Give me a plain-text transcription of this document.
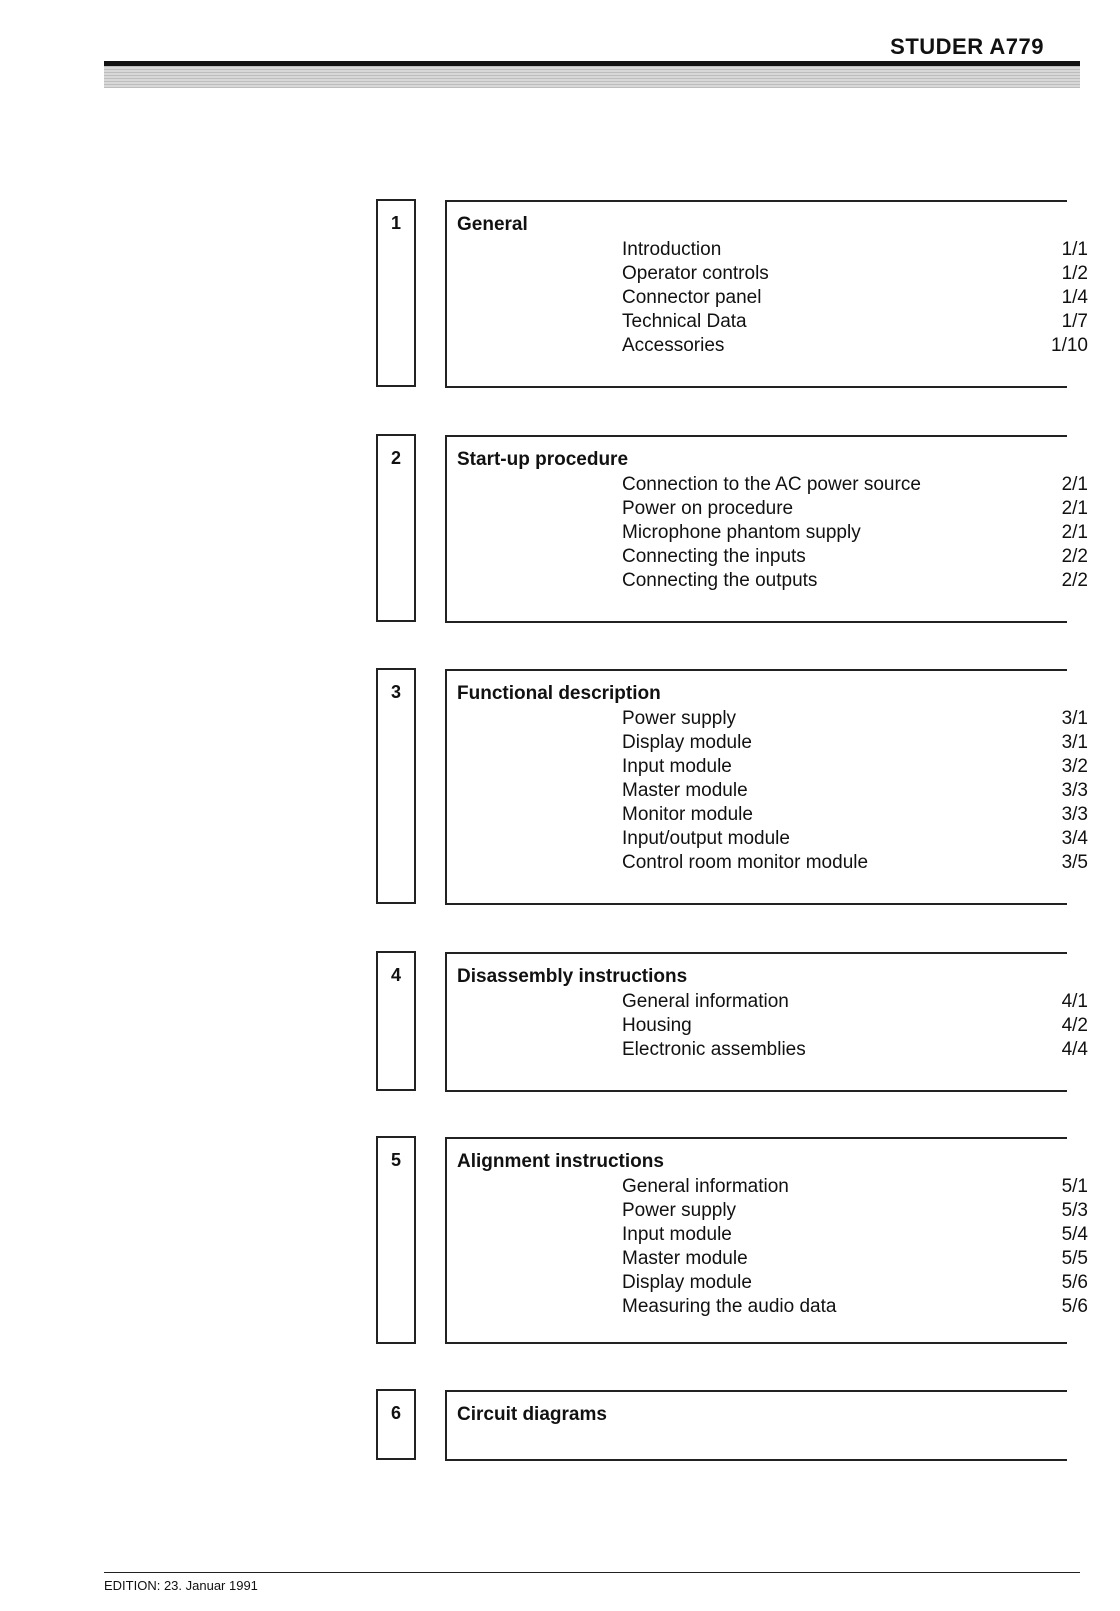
STUDER A779
1	General
Introduction	1/1
Operator controls	1/2
Connector panel	1/4
Technical Data	1/7
Accessories	1/10
2	Start-up procedure
Connection to the AC power source	2/1
Power on procedure	2/1
Microphone phantom supply	2/1
Connecting the inputs	2/2
Connecting the outputs	2/2
3	Functional description
Power supply	3/1
Display module	3/1
Input module	3/2
Master module	3/3
Monitor module	3/3
Input/output module	3/4
Control room monitor module	3/5
4	Disassembly instructions
General information	4/1
Housing	4/2
Electronic assemblies	4/4
5	Alignment instructions
General information	5/1
Power supply	5/3
Input module	5/4
Master module	5/5
Display module	5/6
Measuring the audio data	5/6
6	Circuit diagrams
EDITION: 23. Januar 1991
